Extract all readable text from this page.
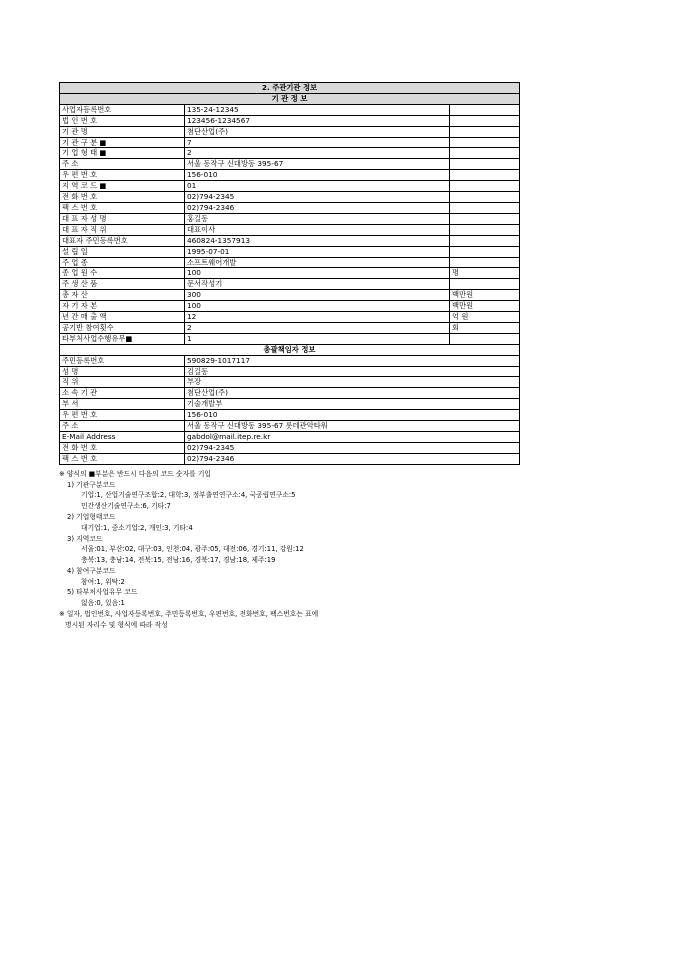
2. 주관기관 정보		
기 관 정 보		
사업자등록번호	135-24-12345	
법 인 번 호	123456-1234567	
기 관 명	첨단산업(주)	
기 관 구 분 ■	7	
기 업 형 태 ■	2	
주 소	서울 동작구 신대방동 395-67	
우 편 번 호	156-010	
지 역 코 드 ■	01	
전 화 번 호	02)794-2345	
팩 스 번 호	02)794-2346	
대 표 자 성 명	홍길동	
대 표 자 직 위	대표이사	
대표자 주민등록번호	460824-1357913	
설 립 일	1995-07-01	
주 업 종	소프트웨어개발	
종 업 원 수	100	명
주 생 산 품	문서작성기	
총 자 산	300	백만원
자 기 자 본	100	백만원
년 간 매 출 액	12	억 원
공기반 참여횟수	2	회
타부처사업수행유무■	1	
총괄책임자 정보		
주민등록번호	590829-1017117	
성 명	김길동	
직 위	부장	
소 속 기 관	첨단산업(주)	
부 서	기술개발부	
우 편 번 호	156-010	
주 소	서울 동작구 신대방동 395-67 롯데관악타워	
E-Mail Address	gabdol@mail.itep.re.kr	
전 화 번 호	02)794-2345	
팩 스 번 호	02)794-2346	
※ 양식의 ■부분은 반드시 다음의 코드 숫자를 기입
1) 기관구분코드
기업:1, 산업기술연구조합:2, 대학:3, 정부출연연구소:4, 국공립연구소:5
민간생산기술연구소:6, 기타:7
2) 기업형태코드
대기업:1, 중소기업:2, 개인:3, 기타:4
3) 지역코드
서울:01, 부산:02, 대구:03, 인천:04, 광주:05, 대전:06, 경기:11, 강원:12
충북:13, 충남:14, 전북:15, 전남:16, 경북:17, 경남:18, 제주:19
4) 참여구분코드
참여:1, 위탁:2
5) 타부처사업유무 코드
없음:0, 있음:1
※ 일자, 법인번호, 사업자등록번호, 주민등록번호, 우편번호, 전화번호, 팩스번호는 표에
명시된 자리수 및 형식에 따라 작성
